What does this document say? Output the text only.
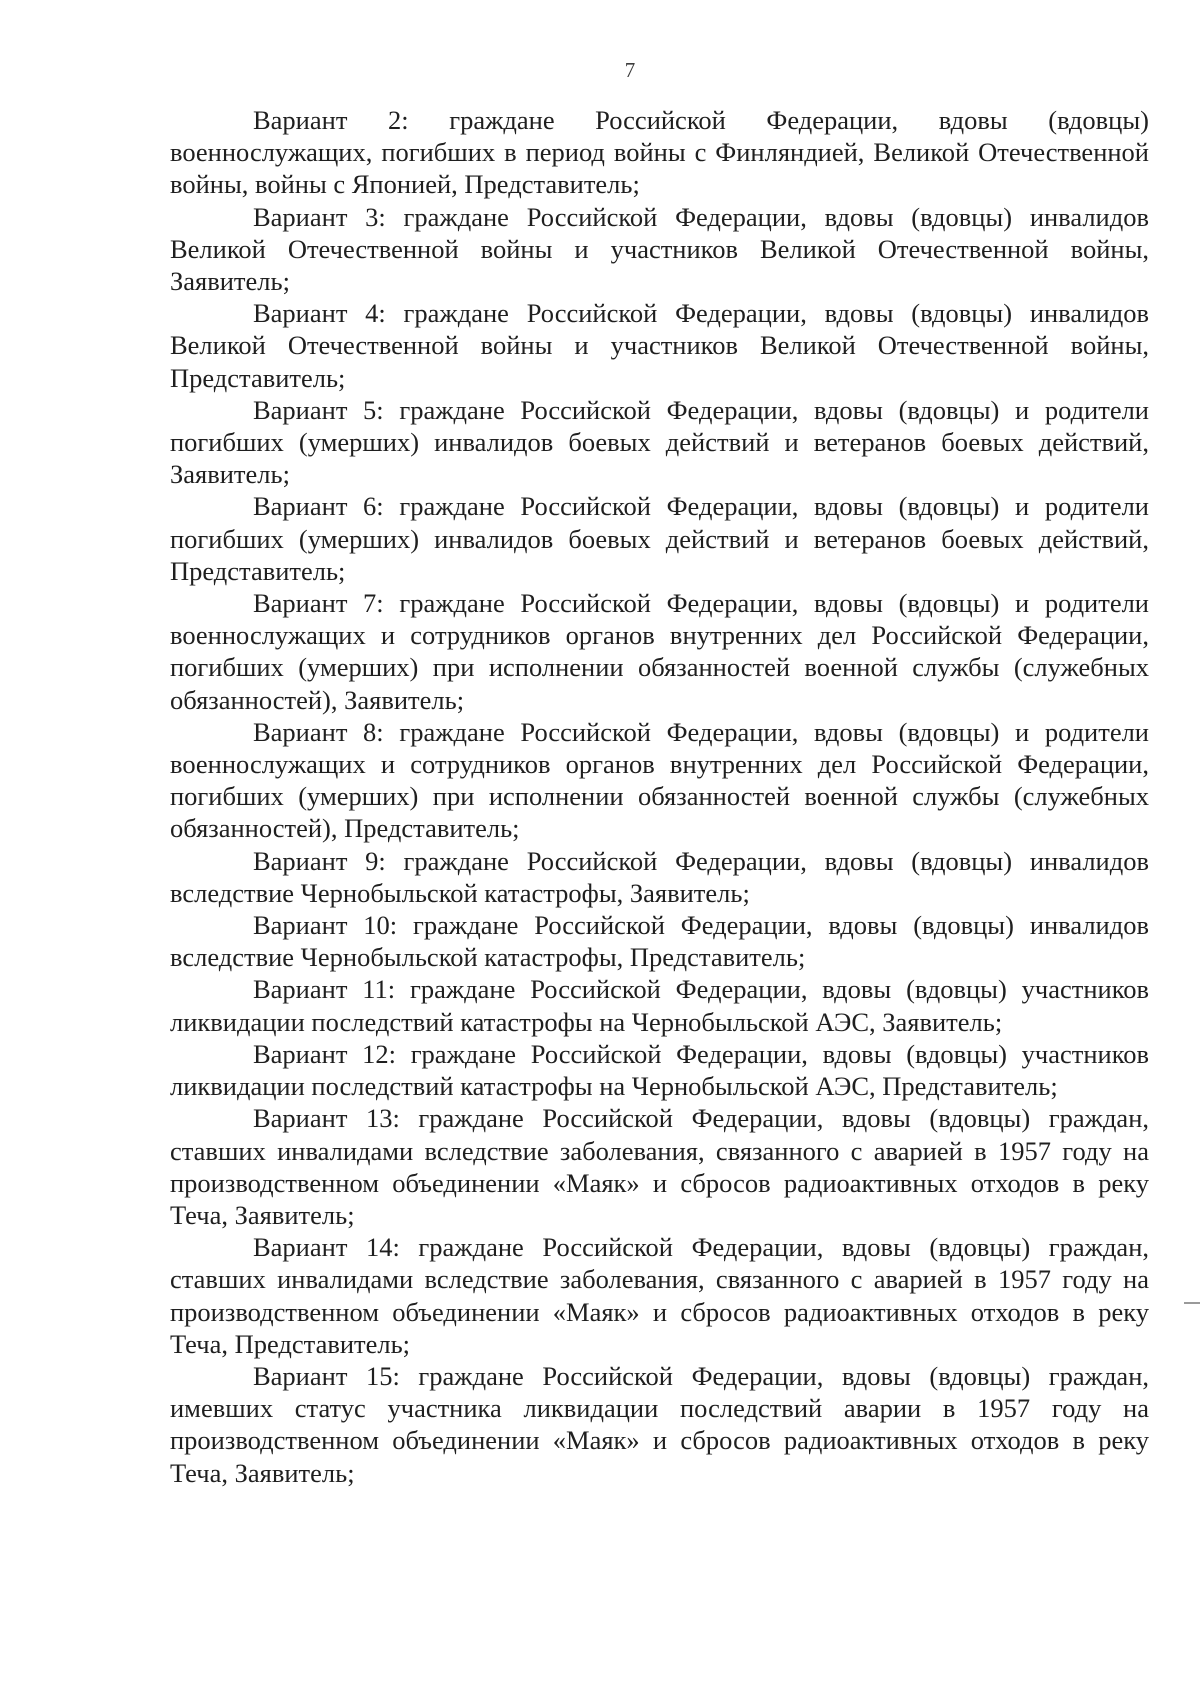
7

Вариант 2: граждане Российской Федерации, вдовы (вдовцы) военнослужащих, погибших в период войны с Финляндией, Великой Отечественной войны, войны с Японией, Представитель;

Вариант 3: граждане Российской Федерации, вдовы (вдовцы) инвалидов Великой Отечественной войны и участников Великой Отечественной войны, Заявитель;

Вариант 4: граждане Российской Федерации, вдовы (вдовцы) инвалидов Великой Отечественной войны и участников Великой Отечественной войны, Представитель;

Вариант 5: граждане Российской Федерации, вдовы (вдовцы) и родители погибших (умерших) инвалидов боевых действий и ветеранов боевых действий, Заявитель;

Вариант 6: граждане Российской Федерации, вдовы (вдовцы) и родители погибших (умерших) инвалидов боевых действий и ветеранов боевых действий, Представитель;

Вариант 7: граждане Российской Федерации, вдовы (вдовцы) и родители военнослужащих и сотрудников органов внутренних дел Российской Федерации, погибших (умерших) при исполнении обязанностей военной службы (служебных обязанностей), Заявитель;

Вариант 8: граждане Российской Федерации, вдовы (вдовцы) и родители военнослужащих и сотрудников органов внутренних дел Российской Федерации, погибших (умерших) при исполнении обязанностей военной службы (служебных обязанностей), Представитель;

Вариант 9: граждане Российской Федерации, вдовы (вдовцы) инвалидов вследствие Чернобыльской катастрофы, Заявитель;

Вариант 10: граждане Российской Федерации, вдовы (вдовцы) инвалидов вследствие Чернобыльской катастрофы, Представитель;

Вариант 11: граждане Российской Федерации, вдовы (вдовцы) участников ликвидации последствий катастрофы на Чернобыльской АЭС, Заявитель;

Вариант 12: граждане Российской Федерации, вдовы (вдовцы) участников ликвидации последствий катастрофы на Чернобыльской АЭС, Представитель;

Вариант 13: граждане Российской Федерации, вдовы (вдовцы) граждан, ставших инвалидами вследствие заболевания, связанного с аварией в 1957 году на производственном объединении «Маяк» и сбросов радиоактивных отходов в реку Теча, Заявитель;

Вариант 14: граждане Российской Федерации, вдовы (вдовцы) граждан, ставших инвалидами вследствие заболевания, связанного с аварией в 1957 году на производственном объединении «Маяк» и сбросов радиоактивных отходов в реку Теча, Представитель;

Вариант 15: граждане Российской Федерации, вдовы (вдовцы) граждан, имевших статус участника ликвидации последствий аварии в 1957 году на производственном объединении «Маяк» и сбросов радиоактивных отходов в реку Теча, Заявитель;
